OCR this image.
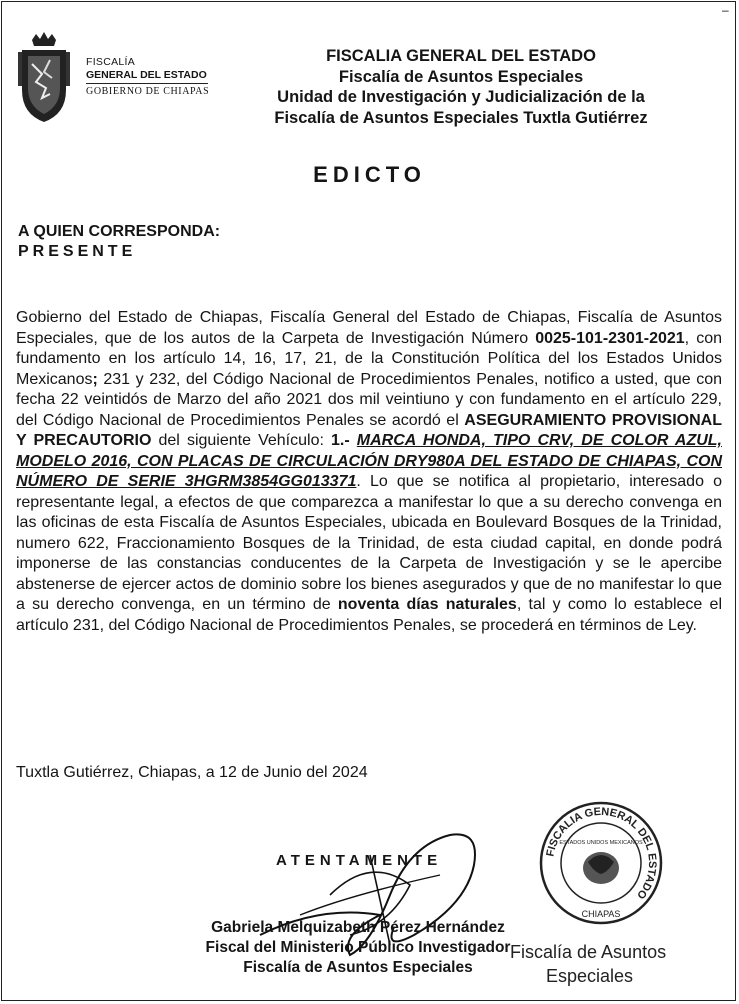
–
FISCALÍA
GENERAL DEL ESTADO
GOBIERNO DE CHIAPAS
FISCALIA GENERAL DEL ESTADO
Fiscalía de Asuntos Especiales
Unidad de Investigación y Judicialización de la
Fiscalía de Asuntos Especiales Tuxtla Gutiérrez
EDICTO
A QUIEN CORRESPONDA:
PRESENTE
Gobierno del Estado de Chiapas, Fiscalía General del Estado de Chiapas, Fiscalía de Asuntos Especiales, que de los autos de la Carpeta de Investigación Número 0025-101-2301-2021, con fundamento en los artículo 14, 16, 17, 21, de la Constitución Política del los Estados Unidos Mexicanos; 231 y 232, del Código Nacional de Procedimientos Penales, notifico a usted, que con fecha 22 veintidós de Marzo del año 2021 dos mil veintiuno y con fundamento en el artículo 229, del Código Nacional de Procedimientos Penales se acordó el ASEGURAMIENTO PROVISIONAL Y PRECAUTORIO del siguiente Vehículo: 1.- MARCA HONDA, TIPO CRV, DE COLOR AZUL, MODELO 2016, CON PLACAS DE CIRCULACIÓN DRY980A DEL ESTADO DE CHIAPAS, CON NÚMERO DE SERIE 3HGRM3854GG013371. Lo que se notifica al propietario, interesado o representante legal, a efectos de que comparezca a manifestar lo que a su derecho convenga en las oficinas de esta Fiscalía de Asuntos Especiales, ubicada en Boulevard Bosques de la Trinidad, numero 622, Fraccionamiento Bosques de la Trinidad, de esta ciudad capital, en donde podrá imponerse de las constancias conducentes de la Carpeta de Investigación y se le apercibe abstenerse de ejercer actos de dominio sobre los bienes asegurados y que de no manifestar lo que a su derecho convenga, en un término de noventa días naturales, tal y como lo establece el artículo 231, del Código Nacional de Procedimientos Penales, se procederá en términos de Ley.
Tuxtla Gutiérrez, Chiapas, a 12 de Junio del 2024
ATENTAMENTE	FISCALIA GENERAL DEL ESTADO
ESTADOS UNIDOS MEXICANOS
CHIAPAS
Gabriela Melquizabeth Pérez Hernández
Fiscal del Ministerio Público Investigador
Fiscalía de Asuntos Especiales
Fiscalía de Asuntos
Especiales
